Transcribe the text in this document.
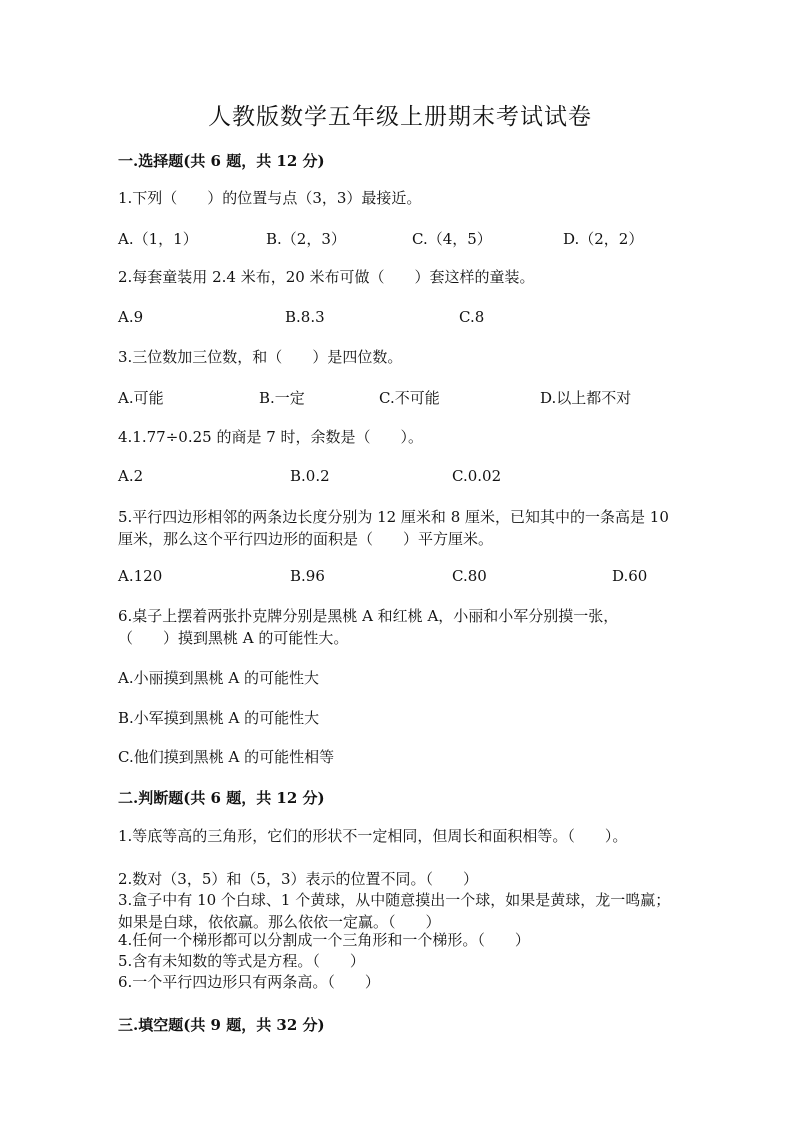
人教版数学五年级上册期末考试试卷
一.选择题(共 6 题，共 12 分)
1.下列（　　）的位置与点（3，3）最接近。
A.（1，1）	B.（2，3）	C.（4，5）	D.（2，2）
2.每套童装用 2.4 米布，20 米布可做（　　）套这样的童装。
A.9	B.8.3	C.8
3.三位数加三位数，和（　　）是四位数。
A.可能	B.一定	C.不可能	D.以上都不对
4.1.77÷0.25 的商是 7 时，余数是（　　）。
A.2	B.0.2	C.0.02
5.平行四边形相邻的两条边长度分别为 12 厘米和 8 厘米，已知其中的一条高是 10 厘米，那么这个平行四边形的面积是（　　）平方厘米。
A.120	B.96	C.80	D.60
6.桌子上摆着两张扑克牌分别是黑桃 A 和红桃 A，小丽和小军分别摸一张，（　　）摸到黑桃 A 的可能性大。
A.小丽摸到黑桃 A 的可能性大
B.小军摸到黑桃 A 的可能性大
C.他们摸到黑桃 A 的可能性相等
二.判断题(共 6 题，共 12 分)
1.等底等高的三角形，它们的形状不一定相同，但周长和面积相等。（　　）。
2.数对（3，5）和（5，3）表示的位置不同。（　　）
3.盒子中有 10 个白球、1 个黄球，从中随意摸出一个球，如果是黄球，龙一鸣赢；如果是白球，依依赢。那么依依一定赢。（　　）
4.任何一个梯形都可以分割成一个三角形和一个梯形。（　　）
5.含有未知数的等式是方程。（　　）
6.一个平行四边形只有两条高。（　　）
三.填空题(共 9 题，共 32 分)
